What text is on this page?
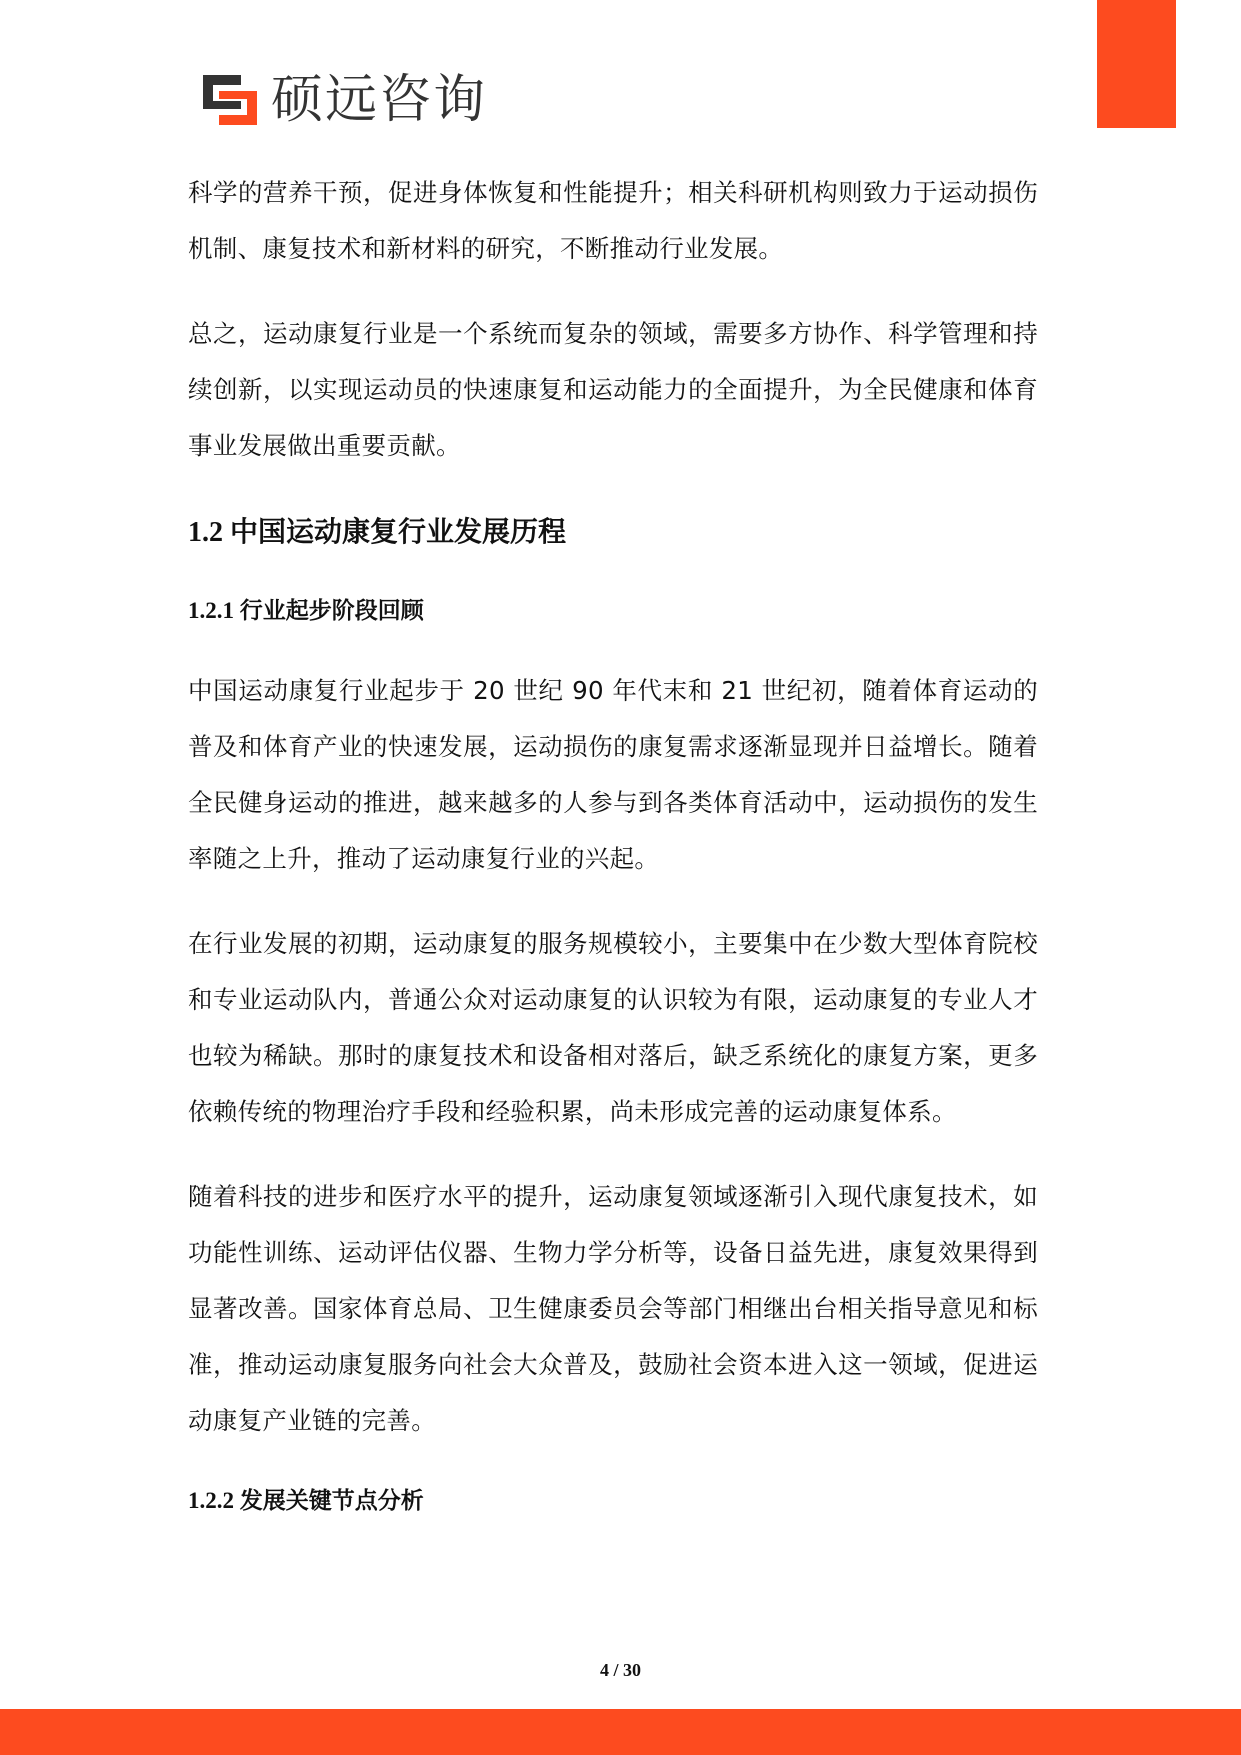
硕远咨询

科学的营养干预，促进身体恢复和性能提升；相关科研机构则致力于运动损伤机制、康复技术和新材料的研究，不断推动行业发展。

总之，运动康复行业是一个系统而复杂的领域，需要多方协作、科学管理和持续创新，以实现运动员的快速康复和运动能力的全面提升，为全民健康和体育事业发展做出重要贡献。

1.2 中国运动康复行业发展历程
1.2.1 行业起步阶段回顾

中国运动康复行业起步于 20 世纪 90 年代末和 21 世纪初，随着体育运动的普及和体育产业的快速发展，运动损伤的康复需求逐渐显现并日益增长。随着全民健身运动的推进，越来越多的人参与到各类体育活动中，运动损伤的发生率随之上升，推动了运动康复行业的兴起。

在行业发展的初期，运动康复的服务规模较小，主要集中在少数大型体育院校和专业运动队内，普通公众对运动康复的认识较为有限，运动康复的专业人才也较为稀缺。那时的康复技术和设备相对落后，缺乏系统化的康复方案，更多依赖传统的物理治疗手段和经验积累，尚未形成完善的运动康复体系。

随着科技的进步和医疗水平的提升，运动康复领域逐渐引入现代康复技术，如功能性训练、运动评估仪器、生物力学分析等，设备日益先进，康复效果得到显著改善。国家体育总局、卫生健康委员会等部门相继出台相关指导意见和标准，推动运动康复服务向社会大众普及，鼓励社会资本进入这一领域，促进运动康复产业链的完善。

1.2.2 发展关键节点分析
4 / 30
